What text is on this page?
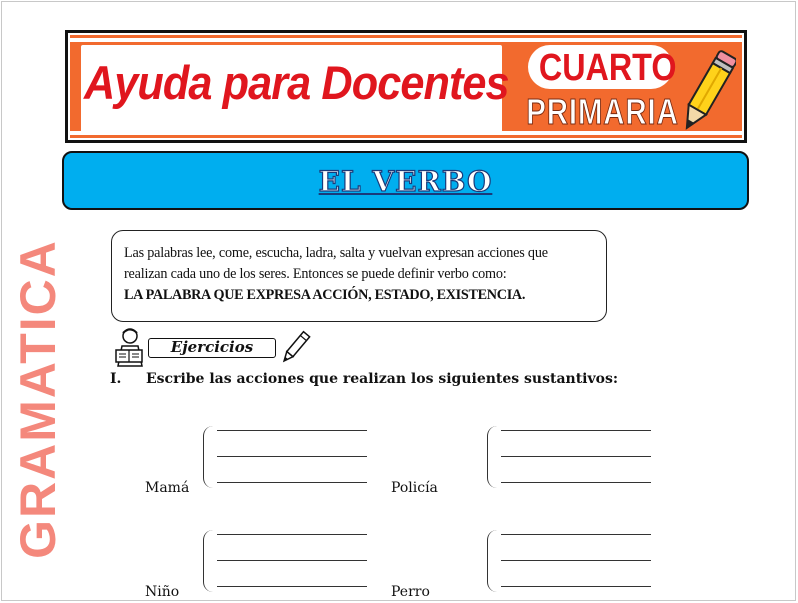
Ayuda para Docentes CUARTO
PRIMARIA
EL VERBO
GRAMATICA	Las palabras lee, come, escucha, ladra, salta y vuelvan expresan acciones que
realizan cada uno de los seres. Entonces se puede definir verbo como:
LA PALABRA QUE EXPRESA ACCIÓN, ESTADO, EXISTENCIA.
Ejercicios
I. Escribe las acciones que realizan los siguientes sustantivos:
Mamá	Policía
Niño	Perro
